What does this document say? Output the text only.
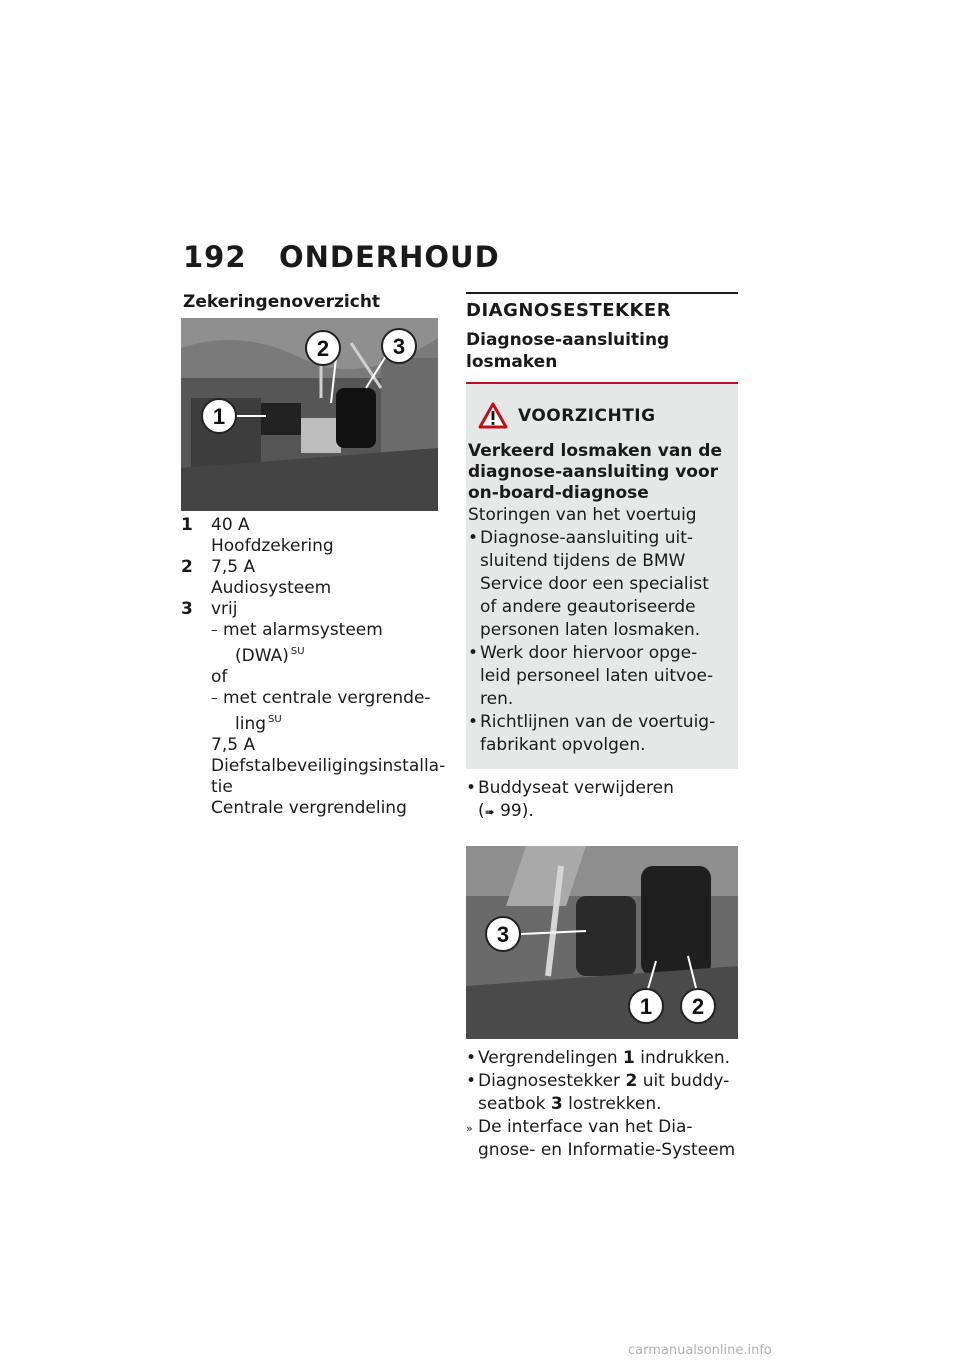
192 ONDERHOUD
Zekeringenoverzicht
1
2	3
1	40 A
Hoofdzekering
2	7,5 A
Audiosysteem
3	vrij
– met alarmsysteem
(DWA) $^{SU}$
of
– met centrale vergrende-
ling $^{SU}$
7,5 A
Diefstalbeveiligingsinstalla-
tie
Centrale vergrendeling
DIAGNOSESTEKKER
Diagnose-aansluiting
losmaken
VOORZICHTIG
Verkeerd losmaken van de
diagnose-aansluiting voor
on-board-diagnose
Storingen van het voertuig
• Diagnose-aansluiting uit-
sluitend tijdens de BMW
Service door een specialist
of andere geautoriseerde
personen laten losmaken.
• Werk door hiervoor opge-
leid personeel laten uitvoe-
ren.
• Richtlijnen van de voertuig-
fabrikant opvolgen.
• Buddyseat verwijderen
(➠ 99).
3
1 2
• Vergrendelingen 1 indrukken.
• Diagnosestekker 2 uit buddy-
seatbok 3 lostrekken.
» De interface van het Dia-
gnose- en Informatie-Systeem
carmanualsonline.info
